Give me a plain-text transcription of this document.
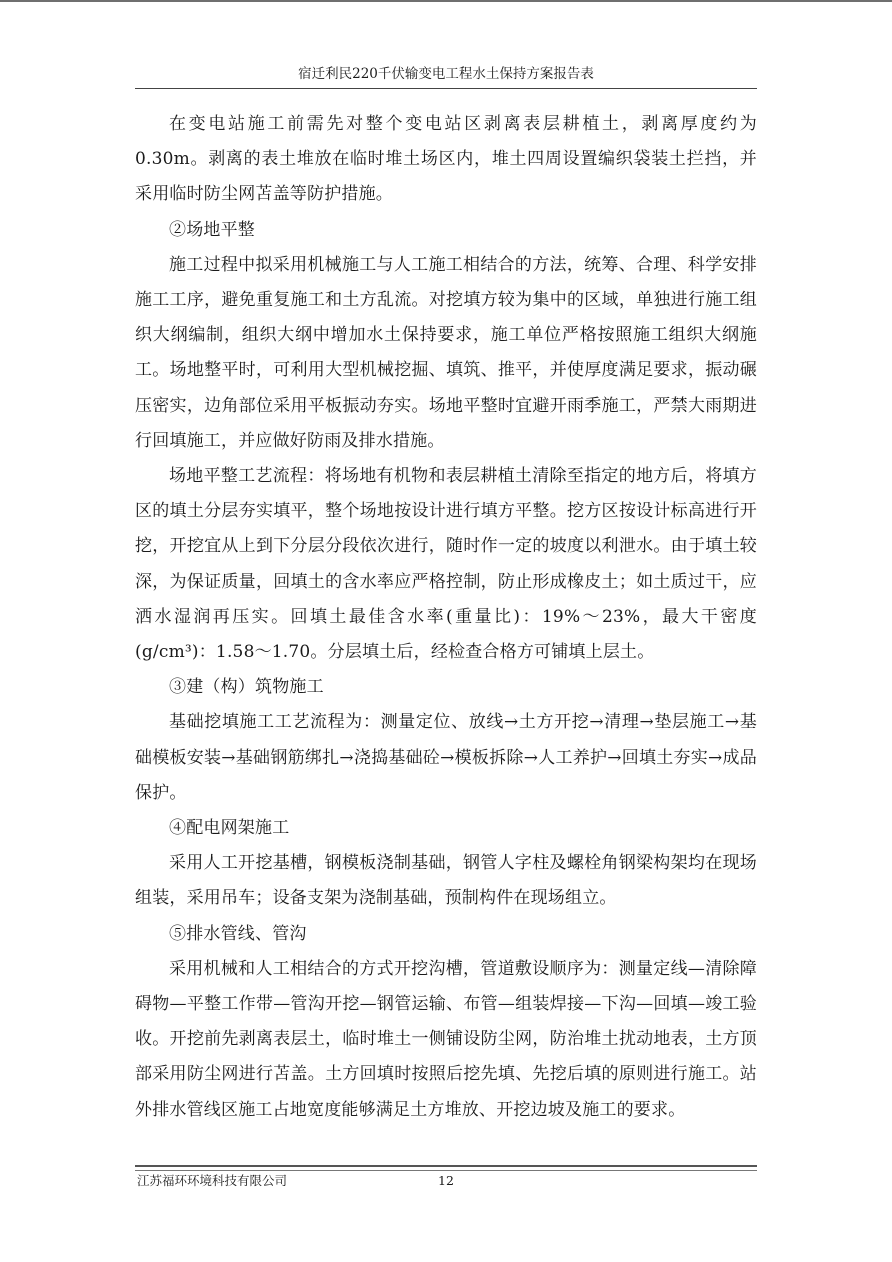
宿迁利民220千伏输变电工程水土保持方案报告表

在变电站施工前需先对整个变电站区剥离表层耕植土，剥离厚度约为0.30m。剥离的表土堆放在临时堆土场区内，堆土四周设置编织袋装土拦挡，并采用临时防尘网苫盖等防护措施。

②场地平整

施工过程中拟采用机械施工与人工施工相结合的方法，统筹、合理、科学安排施工工序，避免重复施工和土方乱流。对挖填方较为集中的区域，单独进行施工组织大纲编制，组织大纲中增加水土保持要求，施工单位严格按照施工组织大纲施工。场地整平时，可利用大型机械挖掘、填筑、推平，并使厚度满足要求，振动碾压密实，边角部位采用平板振动夯实。场地平整时宜避开雨季施工，严禁大雨期进行回填施工，并应做好防雨及排水措施。

场地平整工艺流程：将场地有机物和表层耕植土清除至指定的地方后，将填方区的填土分层夯实填平，整个场地按设计进行填方平整。挖方区按设计标高进行开挖，开挖宜从上到下分层分段依次进行，随时作一定的坡度以利泄水。由于填土较深，为保证质量，回填土的含水率应严格控制，防止形成橡皮土；如土质过干，应洒水湿润再压实。回填土最佳含水率(重量比)：19%～23%，最大干密度(g/cm³)：1.58～1.70。分层填土后，经检查合格方可铺填上层土。

③建（构）筑物施工

基础挖填施工工艺流程为：测量定位、放线→土方开挖→清理→垫层施工→基础模板安装→基础钢筋绑扎→浇捣基础砼→模板拆除→人工养护→回填土夯实→成品保护。

④配电网架施工

采用人工开挖基槽，钢模板浇制基础，钢管人字柱及螺栓角钢梁构架均在现场组装，采用吊车；设备支架为浇制基础，预制构件在现场组立。

⑤排水管线、管沟

采用机械和人工相结合的方式开挖沟槽，管道敷设顺序为：测量定线—清除障碍物—平整工作带—管沟开挖—钢管运输、布管—组装焊接—下沟—回填—竣工验收。开挖前先剥离表层土，临时堆土一侧铺设防尘网，防治堆土扰动地表，土方顶部采用防尘网进行苫盖。土方回填时按照后挖先填、先挖后填的原则进行施工。站外排水管线区施工占地宽度能够满足土方堆放、开挖边坡及施工的要求。

江苏福环环境科技有限公司	12
